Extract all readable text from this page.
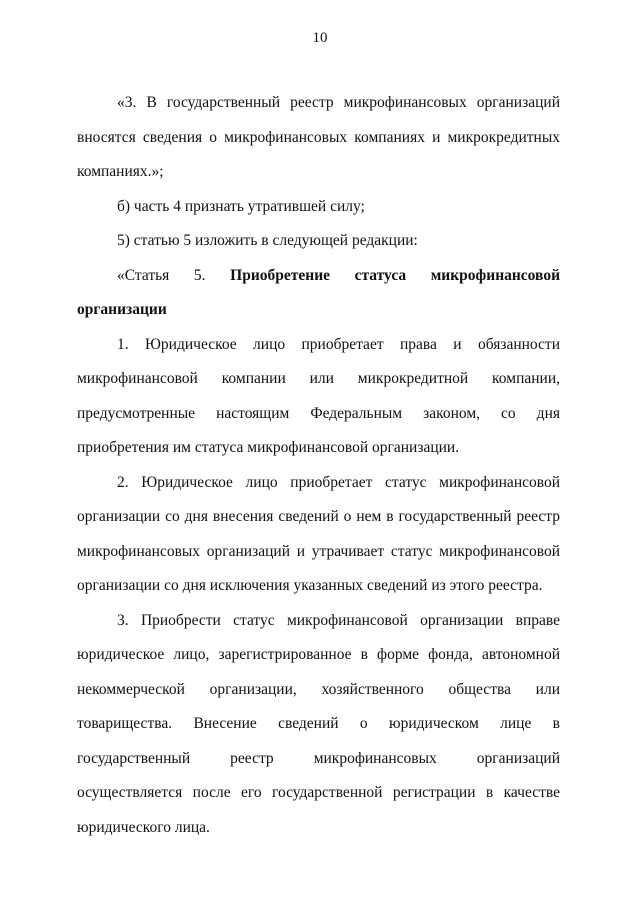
10

«3. В государственный реестр микрофинансовых организаций вносятся сведения о микрофинансовых компаниях и микрокредитных компаниях.»;

б) часть 4 признать утратившей силу;

5) статью 5 изложить в следующей редакции:

«Статья 5. Приобретение статуса микрофинансовой организации

1. Юридическое лицо приобретает права и обязанности микрофинансовой компании или микрокредитной компании, предусмотренные настоящим Федеральным законом, со дня приобретения им статуса микрофинансовой организации.

2. Юридическое лицо приобретает статус микрофинансовой организации со дня внесения сведений о нем в государственный реестр микрофинансовых организаций и утрачивает статус микрофинансовой организации со дня исключения указанных сведений из этого реестра.

3. Приобрести статус микрофинансовой организации вправе юридическое лицо, зарегистрированное в форме фонда, автономной некоммерческой организации, хозяйственного общества или товарищества. Внесение сведений о юридическом лице в государственный реестр микрофинансовых организаций осуществляется после его государственной регистрации в качестве юридического лица.
